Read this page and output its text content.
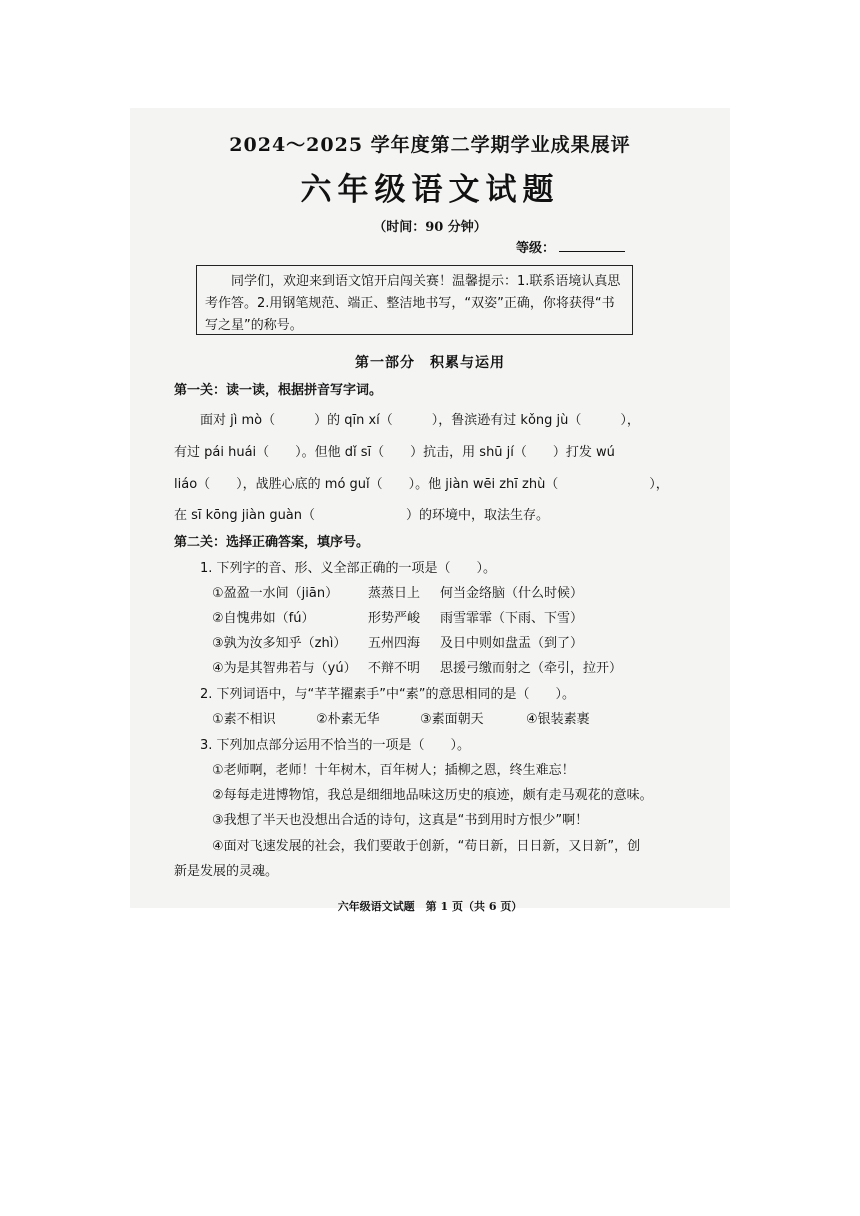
2024～2025 学年度第二学期学业成果展评
六年级语文试题
（时间：90 分钟）
等级：

同学们，欢迎来到语文馆开启闯关赛！温馨提示：1.联系语境认真思考作答。2.用钢笔规范、端正、整洁地书写，“双姿”正确，你将获得“书写之星”的称号。

第一部分　积累与运用
第一关：读一读，根据拼音写字词。
面对 jì mò（　　　）的 qīn xí（　　　），鲁滨逊有过 kǒng jù（　　　），
有过 pái huái（　　）。但他 dǐ sī（　　）抗击，用 shū jí（　　）打发 wú
liáo（　　），战胜心底的 mó guǐ（　　）。他 jiàn wēi zhī zhù（　　　　　　　），
在 sī kōng jiàn guàn（　　　　　　　）的环境中，取法生存。
第二关：选择正确答案，填序号。
1. 下列字的音、形、义全部正确的一项是（　　）。
①盈盈一水间（jiān） 蒸蒸日上 何当金络脑（什么时候）
②自愧弗如（fú）	形势严峻 雨雪霏霏（下雨、下雪）
③孰为汝多知乎（zhì） 五州四海 及日中则如盘盂（到了）
④为是其智弗若与（yú） 不辩不明 思援弓缴而射之（牵引，拉开）
2. 下列词语中，与“芊芊擢素手”中“素”的意思相同的是（　　）。
①素不相识	②朴素无华	③素面朝天	④银装素裹
3. 下列加点部分运用不恰当的一项是（　　）。
①老师啊，老师！十年树木，百年树人；插柳之恩，终生难忘！
②每每走进博物馆，我总是细细地品味这历史的痕迹，颇有走马观花的意味。
③我想了半天也没想出合适的诗句，这真是“书到用时方恨少”啊！
④面对飞速发展的社会，我们要敢于创新，“苟日新，日日新，又日新”，创
新是发展的灵魂。
六年级语文试题　第 1 页（共 6 页）
